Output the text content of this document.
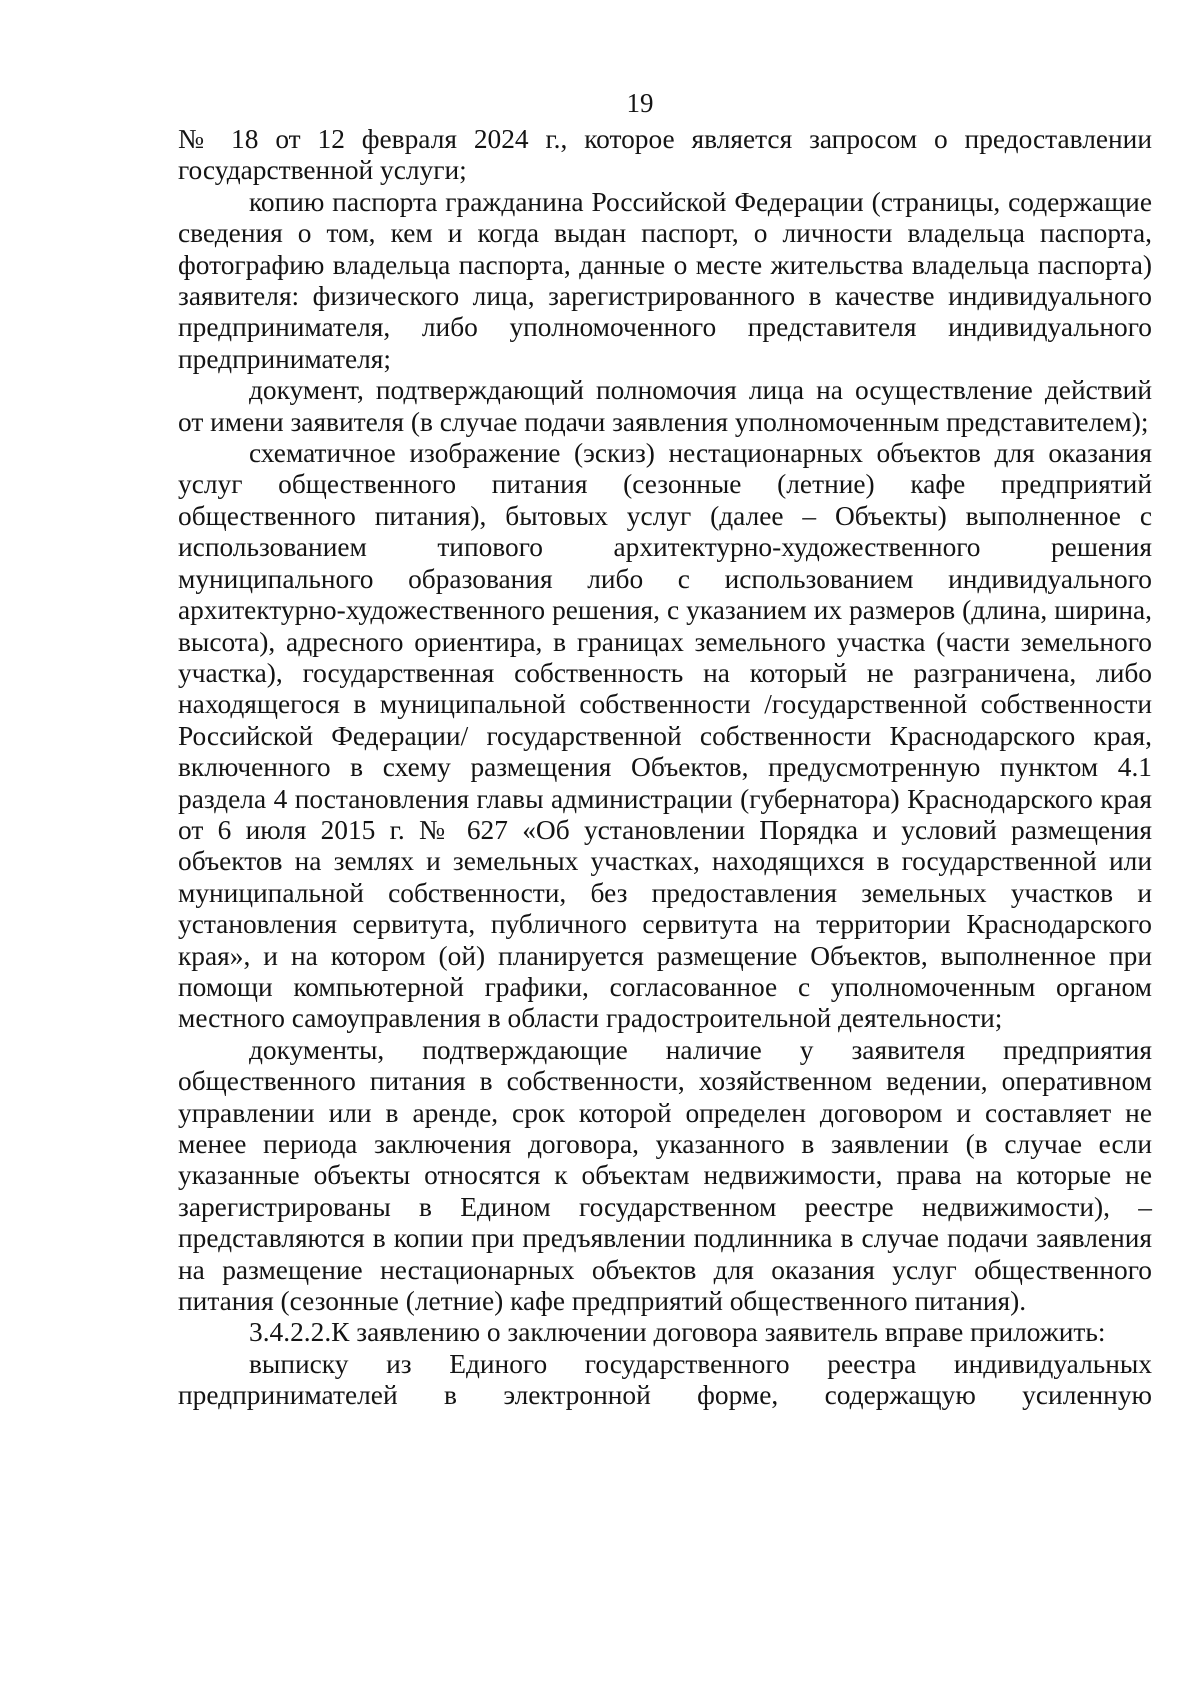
19

№ 18 от 12 февраля 2024 г., которое является запросом о предоставлении государственной услуги;

копию паспорта гражданина Российской Федерации (страницы, содержащие сведения о том, кем и когда выдан паспорт, о личности владельца паспорта, фотографию владельца паспорта, данные о месте жительства владельца паспорта) заявителя: физического лица, зарегистрированного в качестве индивидуального предпринимателя, либо уполномоченного представителя индивидуального предпринимателя;

документ, подтверждающий полномочия лица на осуществление действий от имени заявителя (в случае подачи заявления уполномоченным представителем);

схематичное изображение (эскиз) нестационарных объектов для оказания услуг общественного питания (сезонные (летние) кафе предприятий общественного питания), бытовых услуг (далее – Объекты) выполненное с использованием типового архитектурно-художественного решения муниципального образования либо с использованием индивидуального архитектурно-художественного решения, с указанием их размеров (длина, ширина, высота), адресного ориентира, в границах земельного участка (части земельного участка), государственная собственность на который не разграничена, либо находящегося в муниципальной собственности /государственной собственности Российской Федерации/ государственной собственности Краснодарского края, включенного в схему размещения Объектов, предусмотренную пунктом 4.1 раздела 4 постановления главы администрации (губернатора) Краснодарского края от 6 июля 2015 г. № 627 «Об установлении Порядка и условий размещения объектов на землях и земельных участках, находящихся в государственной или муниципальной собственности, без предоставления земельных участков и установления сервитута, публичного сервитута на территории Краснодарского края», и на котором (ой) планируется размещение Объектов, выполненное при помощи компьютерной графики, согласованное с уполномоченным органом местного самоуправления в области градостроительной деятельности;

документы, подтверждающие наличие у заявителя предприятия общественного питания в собственности, хозяйственном ведении, оперативном управлении или в аренде, срок которой определен договором и составляет не менее периода заключения договора, указанного в заявлении (в случае если указанные объекты относятся к объектам недвижимости, права на которые не зарегистрированы в Едином государственном реестре недвижимости), – представляются в копии при предъявлении подлинника в случае подачи заявления на размещение нестационарных объектов для оказания услуг общественного питания (сезонные (летние) кафе предприятий общественного питания).

3.4.2.2.К заявлению о заключении договора заявитель вправе приложить:

выписку из Единого государственного реестра индивидуальных предпринимателей в электронной форме, содержащую усиленную
